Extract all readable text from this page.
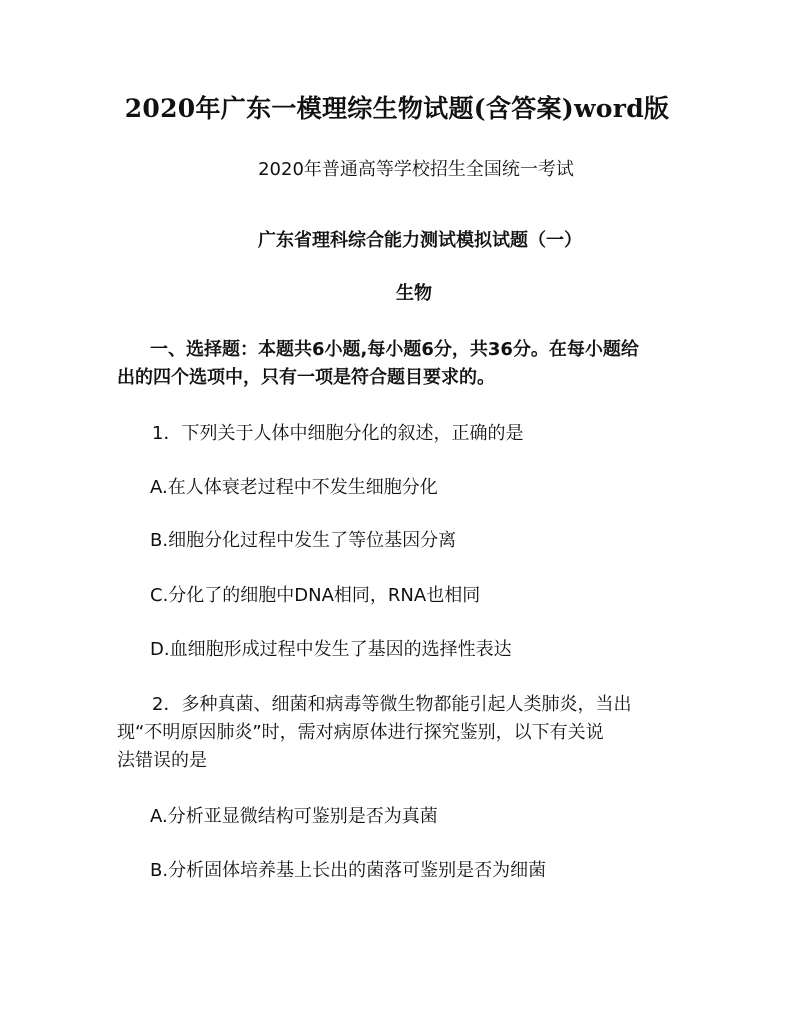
2020年广东一模理综生物试题(含答案)word版
2020年普通高等学校招生全国统一考试
广东省理科综合能力测试模拟试题（一）
生物
一、选择题：本题共6小题,每小题6分，共36分。在每小题给
出的四个选项中，只有一项是符合题目要求的。
1．下列关于人体中细胞分化的叙述，正确的是
A.在人体衰老过程中不发生细胞分化
B.细胞分化过程中发生了等位基因分离
C.分化了的细胞中DNA相同，RNA也相同
D.血细胞形成过程中发生了基因的选择性表达
2．多种真菌、细菌和病毒等微生物都能引起人类肺炎，当出
现“不明原因肺炎”时，需对病原体进行探究鉴别，以下有关说
法错误的是
A.分析亚显微结构可鉴别是否为真菌
B.分析固体培养基上长出的菌落可鉴别是否为细菌
